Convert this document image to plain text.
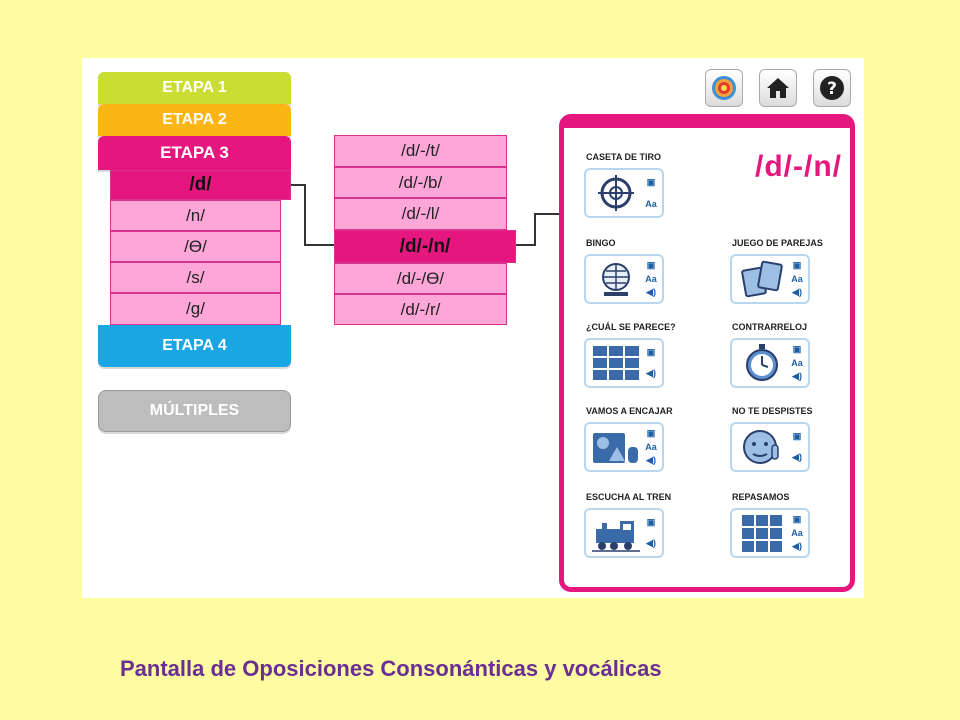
ETAPA 1
ETAPA 2
ETAPA 3
/d/
/n/
/ϴ/
/s/
/g/
ETAPA 4
MÚLTIPLES
/d/-/t/
/d/-/b/
/d/-/l/
/d/-/n/
/d/-/ϴ/
/d/-/r/
?
/d/-/n/
CASETA DE TIRO
▣
Aa
BINGO
▣
Aa
◀)
JUEGO DE PAREJAS
▣
Aa
◀)
¿CUÁL SE PARECE?
▣
◀)
CONTRARRELOJ
▣
Aa
◀)
VAMOS A ENCAJAR
▣
Aa
◀)
NO TE DESPISTES
▣
◀)
ESCUCHA AL TREN
▣
◀)
REPASAMOS
▣
Aa
◀)
Pantalla de Oposiciones Consonánticas y vocálicas
